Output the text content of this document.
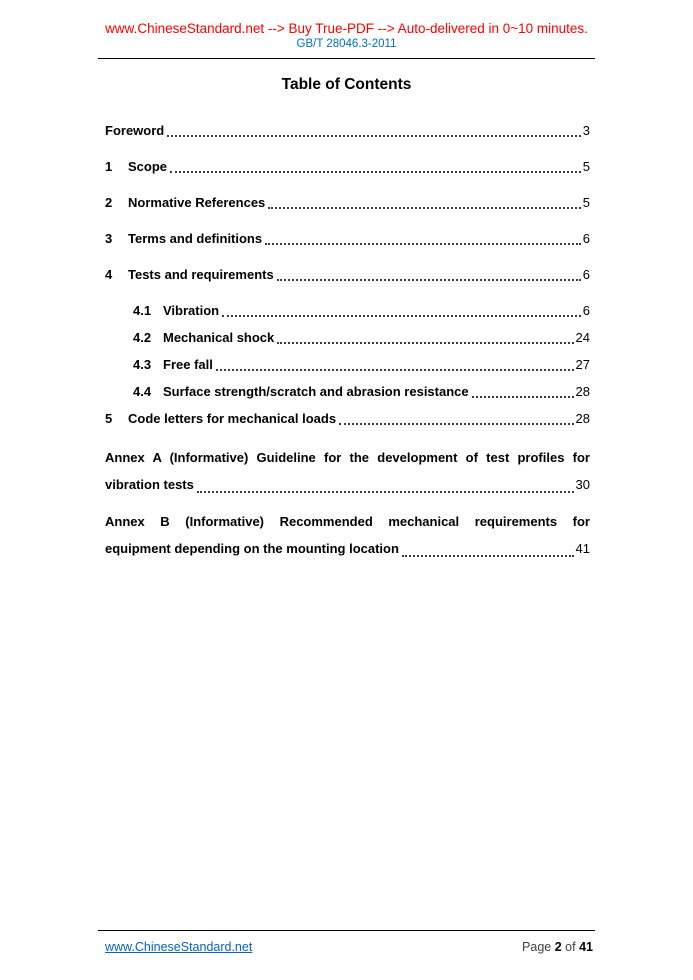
www.ChineseStandard.net --> Buy True-PDF --> Auto-delivered in 0~10 minutes.
GB/T 28046.3-2011
Table of Contents
Foreword	3
1	Scope	5
2	Normative References	5
3	Terms and definitions	6
4	Tests and requirements	6
4.1 Vibration	6
4.2 Mechanical shock	24
4.3 Free fall	27
4.4 Surface strength/scratch and abrasion resistance	28
5	Code letters for mechanical loads	28
Annex A (Informative) Guideline for the development of test profiles for
vibration tests	30
Annex B (Informative) Recommended mechanical requirements for
equipment depending on the mounting location	41
www.ChineseStandard.net	Page 2 of 41
